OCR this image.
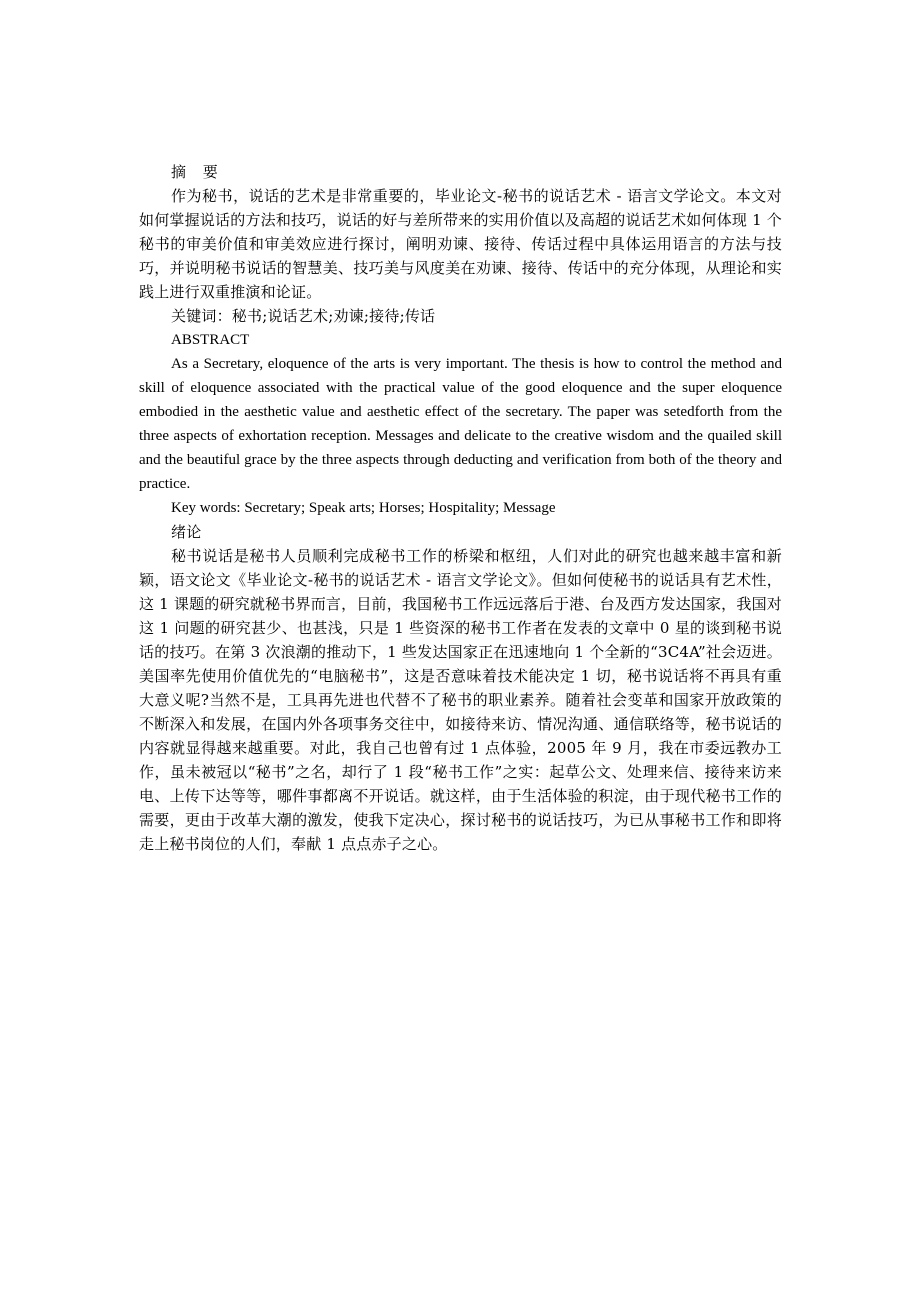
摘 要

作为秘书，说话的艺术是非常重要的，毕业论文-秘书的说话艺术 - 语言文学论文。本文对如何掌握说话的方法和技巧，说话的好与差所带来的实用价值以及高超的说话艺术如何体现 1 个秘书的审美价值和审美效应进行探讨，阐明劝谏、接待、传话过程中具体运用语言的方法与技巧，并说明秘书说话的智慧美、技巧美与风度美在劝谏、接待、传话中的充分体现，从理论和实践上进行双重推演和论证。

关键词：秘书;说话艺术;劝谏;接待;传话

ABSTRACT

As a Secretary, eloquence of the arts is very important. The thesis is how to control the method and skill of eloquence associated with the practical value of the good eloquence and the super eloquence embodied in the aesthetic value and aesthetic effect of the secretary. The paper was setedforth from the three aspects of exhortation reception. Messages and delicate to the creative wisdom and the quailed skill and the beautiful grace by the three aspects through deducting and verification from both of the theory and practice.

Key words: Secretary; Speak arts; Horses; Hospitality; Message

绪论

秘书说话是秘书人员顺利完成秘书工作的桥梁和枢纽，人们对此的研究也越来越丰富和新颖，语文论文《毕业论文-秘书的说话艺术 - 语言文学论文》。但如何使秘书的说话具有艺术性，这 1 课题的研究就秘书界而言，目前，我国秘书工作远远落后于港、台及西方发达国家，我国对这 1 问题的研究甚少、也甚浅，只是 1 些资深的秘书工作者在发表的文章中 0 星的谈到秘书说话的技巧。在第 3 次浪潮的推动下，1 些发达国家正在迅速地向 1 个全新的“3C4A”社会迈进。美国率先使用价值优先的“电脑秘书”，这是否意味着技术能决定 1 切，秘书说话将不再具有重大意义呢?当然不是，工具再先进也代替不了秘书的职业素养。随着社会变革和国家开放政策的不断深入和发展，在国内外各项事务交往中，如接待来访、情况沟通、通信联络等，秘书说话的内容就显得越来越重要。对此，我自己也曾有过 1 点体验，2005 年 9 月，我在市委远教办工作，虽未被冠以“秘书”之名，却行了 1 段“秘书工作”之实：起草公文、处理来信、接待来访来电、上传下达等等，哪件事都离不开说话。就这样，由于生活体验的积淀，由于现代秘书工作的需要，更由于改革大潮的激发，使我下定决心，探讨秘书的说话技巧，为已从事秘书工作和即将走上秘书岗位的人们，奉献 1 点点赤子之心。
